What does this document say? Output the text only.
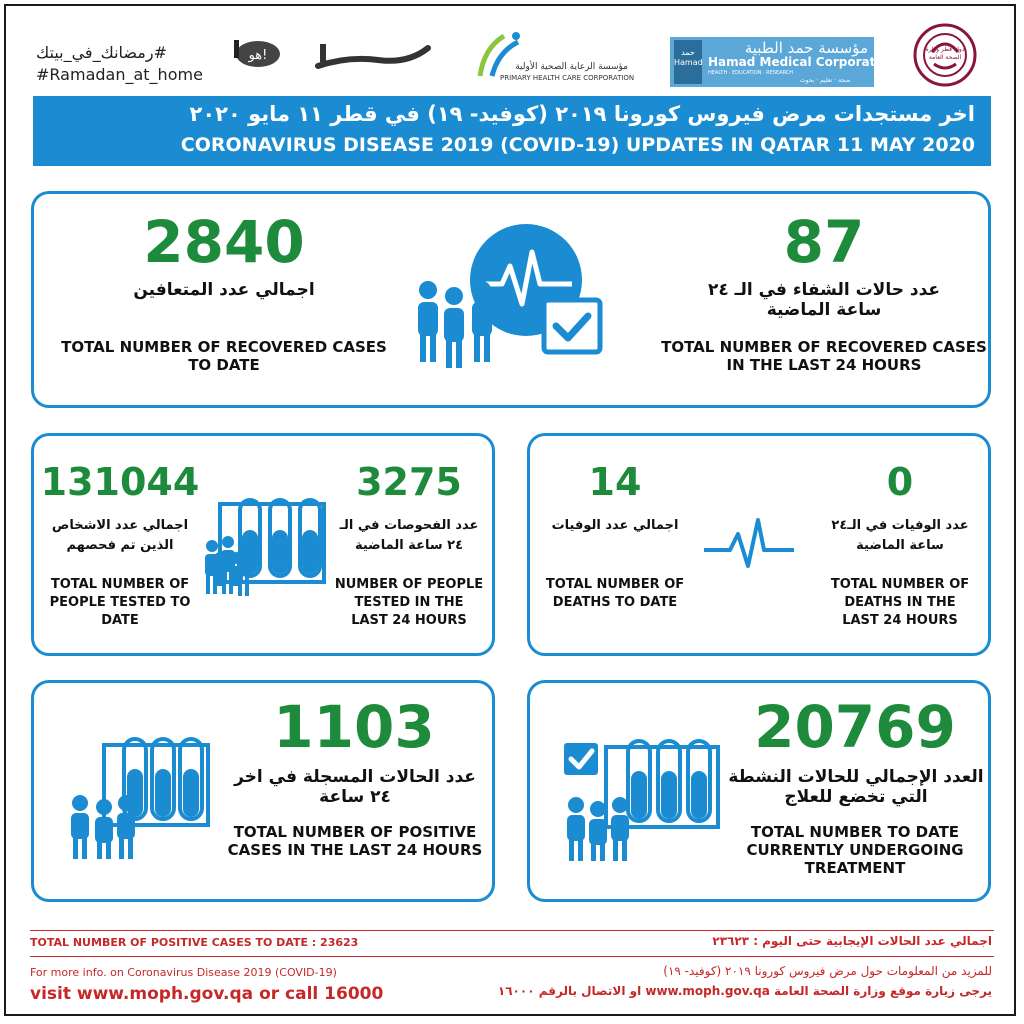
#رمضانك_في_بيتك
#Ramadan_at_home
هو!
مؤسسة الرعاية الصحية الأولية
PRIMARY HEALTH CARE CORPORATION
حمد Hamad
مؤسسة حمد الطبية
Hamad Medical Corporation
HEALTH · EDUCATION · RESEARCH
صحة · تعليم · بحوث
دولة قطر وزارة الصحة العامة
اخر مستجدات مرض فيروس كورونا ٢٠١٩ (كوفيد- ١٩) في قطر ١١ مايو ٢٠٢٠
CORONAVIRUS DISEASE 2019 (COVID-19) UPDATES IN QATAR 11 MAY 2020
2840
اجمالي عدد المتعافين
TOTAL NUMBER OF RECOVERED CASES TO DATE
87
عدد حالات الشفاء في الـ ٢٤ ساعة الماضية
TOTAL NUMBER OF RECOVERED CASES IN THE LAST 24 HOURS
131044
اجمالي عدد الاشخاص الذين تم فحصهم
TOTAL NUMBER OF PEOPLE TESTED TO DATE
3275
عدد الفحوصات في الـ ٢٤ ساعة الماضية
NUMBER OF PEOPLE TESTED IN THE LAST 24 HOURS
14
اجمالي عدد الوفيات
TOTAL NUMBER OF DEATHS TO DATE
0
عدد الوفيات في الـ٢٤ ساعة الماضية
TOTAL NUMBER OF DEATHS IN THE LAST 24 HOURS
1103
عدد الحالات المسجلة في اخر ٢٤ ساعة
TOTAL NUMBER OF POSITIVE CASES IN THE LAST 24 HOURS
20769
العدد الإجمالي للحالات النشطة التي تخضع للعلاج
TOTAL NUMBER TO DATE CURRENTLY UNDERGOING TREATMENT
TOTAL NUMBER OF POSITIVE CASES TO DATE : 23623	اجمالي عدد الحالات الإيجابية حتى اليوم : ٢٣٦٢٣
For more info. on Coronavirus Disease 2019 (COVID-19)
visit www.moph.gov.qa or call 16000
للمزيد من المعلومات حول مرض فيروس كورونا ٢٠١٩ (كوفيد- ١٩)
يرجى زيارة موقع وزارة الصحة العامة www.moph.gov.qa او الاتصال بالرقم ١٦٠٠٠
